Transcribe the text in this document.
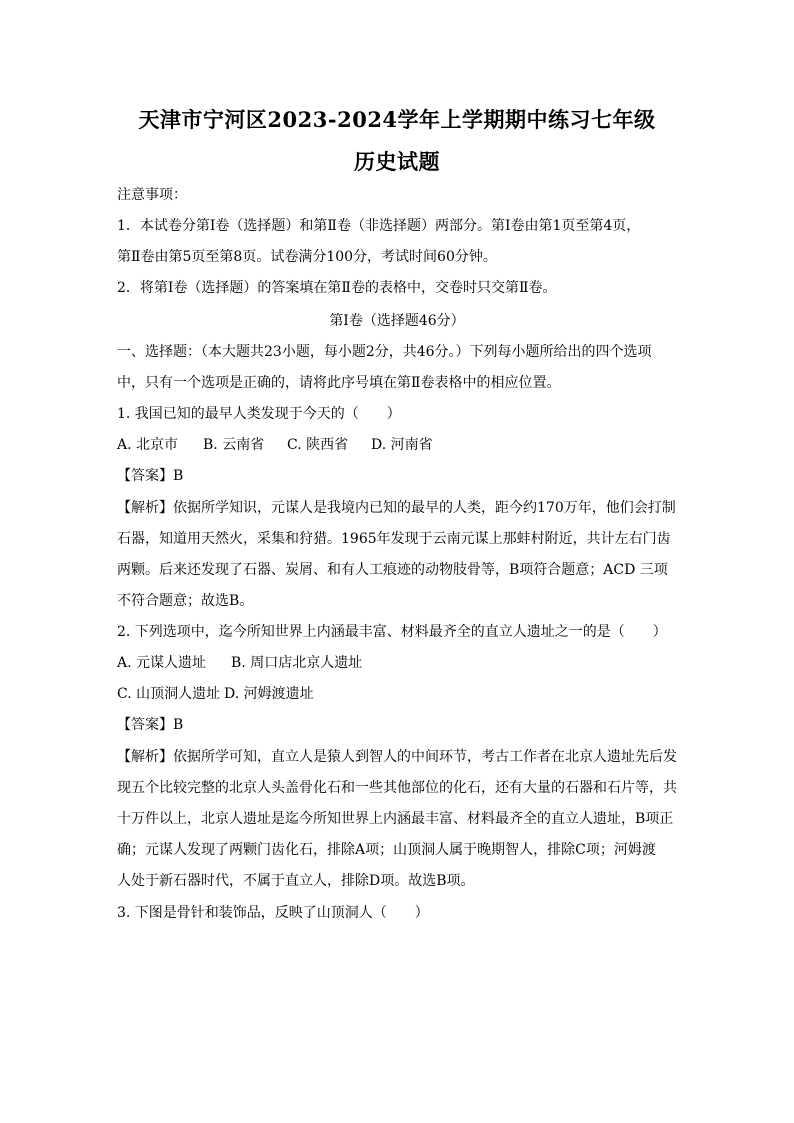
天津市宁河区2023-2024学年上学期期中练习七年级
历史试题
注意事项：
1．本试卷分第Ⅰ卷（选择题）和第Ⅱ卷（非选择题）两部分。第Ⅰ卷由第1页至第4页，
第Ⅱ卷由第5页至第8页。试卷满分100分，考试时间60分钟。
2．将第Ⅰ卷（选择题）的答案填在第Ⅱ卷的表格中，交卷时只交第Ⅱ卷。
第Ⅰ卷（选择题46分）
一、选择题：（本大题共23小题，每小题2分，共46分。）下列每小题所给出的四个选项
中，只有一个选项是正确的，请将此序号填在第Ⅱ卷表格中的相应位置。
1. 我国已知的最早人类发现于今天的（　　）
A. 北京市 B. 云南省 C. 陕西省 D. 河南省
【答案】B
【解析】依据所学知识，元谋人是我境内已知的最早的人类，距今约170万年，他们会打制
石器，知道用天然火，采集和狩猎。1965年发现于云南元谋上那蚌村附近，共计左右门齿
两颗。后来还发现了石器、炭屑、和有人工痕迹的动物肢骨等，B项符合题意；ACD 三项
不符合题意；故选B。
2. 下列选项中，迄今所知世界上内涵最丰富、材料最齐全的直立人遗址之一的是（　　）
A. 元谋人遗址 B. 周口店北京人遗址
C. 山顶洞人遗址 D. 河姆渡遗址
【答案】B
【解析】依据所学可知，直立人是猿人到智人的中间环节，考古工作者在北京人遗址先后发
现五个比较完整的北京人头盖骨化石和一些其他部位的化石，还有大量的石器和石片等，共
十万件以上，北京人遗址是迄今所知世界上内涵最丰富、材料最齐全的直立人遗址，B项正
确；元谋人发现了两颗门齿化石，排除A项；山顶洞人属于晚期智人，排除C项；河姆渡
人处于新石器时代，不属于直立人，排除D项。故选B项。
3. 下图是骨针和装饰品，反映了山顶洞人（　　）
